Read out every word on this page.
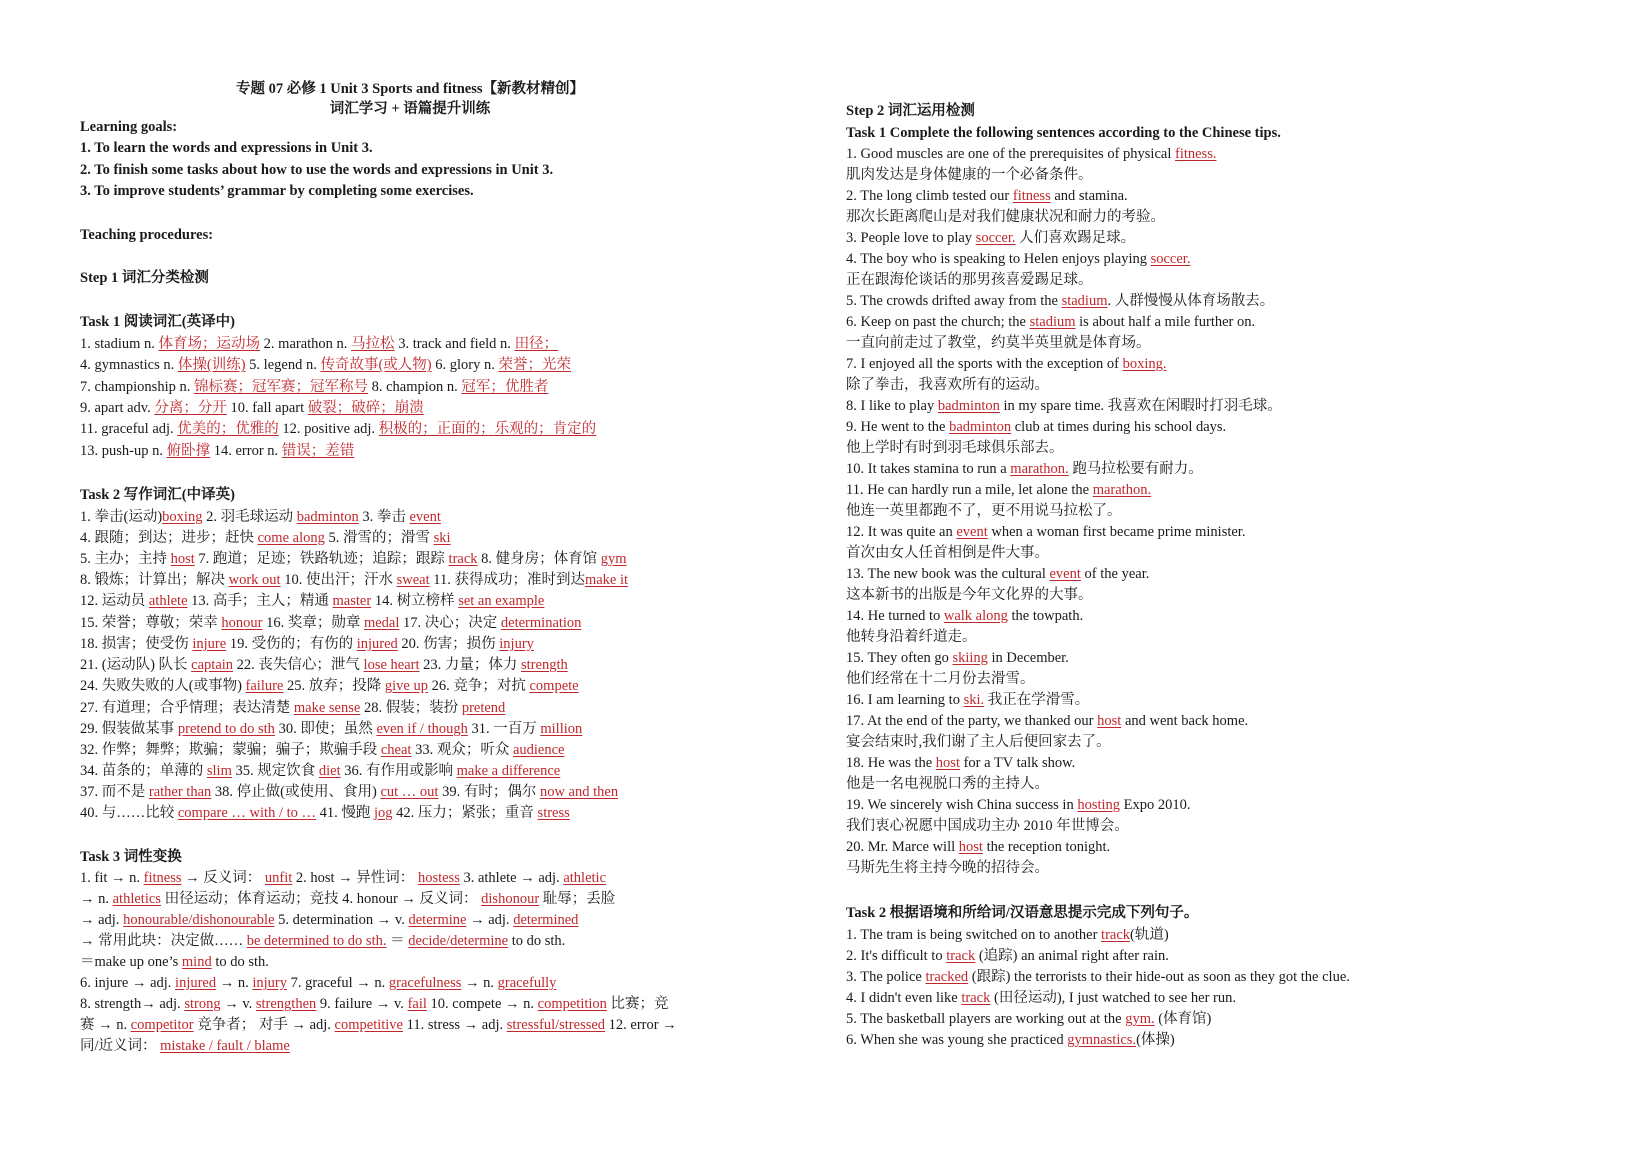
专题 07 必修 1 Unit 3 Sports and fitness【新教材精创】
词汇学习 + 语篇提升训练
Learning goals:
1. To learn the words and expressions in Unit 3.
2. To finish some tasks about how to use the words and expressions in Unit 3.
3. To improve students’ grammar by completing some exercises.
Teaching procedures:
Step 1 词汇分类检测
Task 1 阅读词汇(英译中)
1. stadium n. 体育场；运动场 2. marathon n. 马拉松 3. track and field n. 田径；
4. gymnastics n. 体操(训练) 5. legend n. 传奇故事(或人物) 6. glory n. 荣誉；光荣
7. championship n. 锦标赛；冠军赛；冠军称号 8. champion n. 冠军；优胜者
9. apart adv. 分离；分开 10. fall apart 破裂；破碎；崩溃
11. graceful adj. 优美的；优雅的 12. positive adj. 积极的；正面的；乐观的；肯定的
13. push-up n. 俯卧撑 14. error n. 错误；差错
Task 2 写作词汇(中译英)
1. 拳击(运动)boxing 2. 羽毛球运动 badminton 3. 拳击 event
4. 跟随；到达；进步；赶快 come along 5. 滑雪的；滑雪 ski
5. 主办；主持 host 7. 跑道；足迹；铁路轨迹；追踪；跟踪 track 8. 健身房；体育馆 gym
8. 锻炼；计算出；解决 work out 10. 使出汗；汗水 sweat 11. 获得成功；准时到达make it
12. 运动员 athlete 13. 高手；主人；精通 master 14. 树立榜样 set an example
15. 荣誉；尊敬；荣幸 honour 16. 奖章；勋章 medal 17. 决心；决定 determination
18. 损害；使受伤 injure 19. 受伤的；有伤的 injured 20. 伤害；损伤 injury
21. (运动队) 队长 captain 22. 丧失信心；泄气 lose heart 23. 力量；体力 strength
24. 失败失败的人(或事物) failure 25. 放弃；投降 give up 26. 竞争；对抗 compete
27. 有道理；合乎情理；表达清楚 make sense 28. 假装；装扮 pretend
29. 假装做某事 pretend to do sth 30. 即使；虽然 even if / though 31. 一百万 million
32. 作弊；舞弊；欺骗；蒙骗；骗子；欺骗手段 cheat 33. 观众；听众 audience
34. 苗条的；单薄的 slim 35. 规定饮食 diet 36. 有作用或影响 make a difference
37. 而不是 rather than 38. 停止做(或使用、食用) cut … out 39. 有时；偶尔 now and then
40. 与……比较 compare … with / to … 41. 慢跑 jog 42. 压力；紧张；重音 stress
Task 3 词性变换
1. fit → n. fitness → 反义词： unfit 2. host → 异性词： hostess 3. athlete → adj. athletic
→ n. athletics 田径运动；体育运动；竞技 4. honour → 反义词： dishonour 耻辱；丢脸
→ adj. honourable/dishonourable 5. determination → v. determine → adj. determined
→ 常用此块：决定做…… be determined to do sth. ＝ decide/determine to do sth.
＝make up one’s mind to do sth.
6. injure → adj. injured → n. injury 7. graceful → n. gracefulness → n. gracefully
8. strength→ adj. strong → v. strengthen 9. failure → v. fail 10. compete → n. competition 比赛；竞
赛 → n. competitor 竞争者； 对手 → adj. competitive 11. stress → adj. stressful/stressed 12. error →
同/近义词： mistake / fault / blame
Step 2 词汇运用检测
Task 1 Complete the following sentences according to the Chinese tips.
1. Good muscles are one of the prerequisites of physical fitness.
肌肉发达是身体健康的一个必备条件。
2. The long climb tested our fitness and stamina.
那次长距离爬山是对我们健康状况和耐力的考验。
3. People love to play soccer. 人们喜欢踢足球。
4. The boy who is speaking to Helen enjoys playing soccer.
正在跟海伦谈话的那男孩喜爱踢足球。
5. The crowds drifted away from the stadium. 人群慢慢从体育场散去。
6. Keep on past the church; the stadium is about half a mile further on.
一直向前走过了教堂，约莫半英里就是体育场。
7. I enjoyed all the sports with the exception of boxing.
除了拳击，我喜欢所有的运动。
8. I like to play badminton in my spare time. 我喜欢在闲暇时打羽毛球。
9. He went to the badminton club at times during his school days.
他上学时有时到羽毛球俱乐部去。
10. It takes stamina to run a marathon. 跑马拉松要有耐力。
11. He can hardly run a mile, let alone the marathon.
他连一英里都跑不了，更不用说马拉松了。
12. It was quite an event when a woman first became prime minister.
首次由女人任首相倒是件大事。
13. The new book was the cultural event of the year.
这本新书的出版是今年文化界的大事。
14. He turned to walk along the towpath.
他转身沿着纤道走。
15. They often go skiing in December.
他们经常在十二月份去滑雪。
16. I am learning to ski. 我正在学滑雪。
17. At the end of the party, we thanked our host and went back home.
宴会结束时,我们谢了主人后便回家去了。
18. He was the host for a TV talk show.
他是一名电视脱口秀的主持人。
19. We sincerely wish China success in hosting Expo 2010.
我们衷心祝愿中国成功主办 2010 年世博会。
20. Mr. Marce will host the reception tonight.
马斯先生将主持今晚的招待会。
Task 2 根据语境和所给词/汉语意思提示完成下列句子。
1. The tram is being switched on to another track(轨道)
2. It's difficult to track (追踪) an animal right after rain.
3. The police tracked (跟踪) the terrorists to their hide-out as soon as they got the clue.
4. I didn't even like track (田径运动), I just watched to see her run.
5. The basketball players are working out at the gym. (体育馆)
6. When she was young she practiced gymnastics.(体操)
